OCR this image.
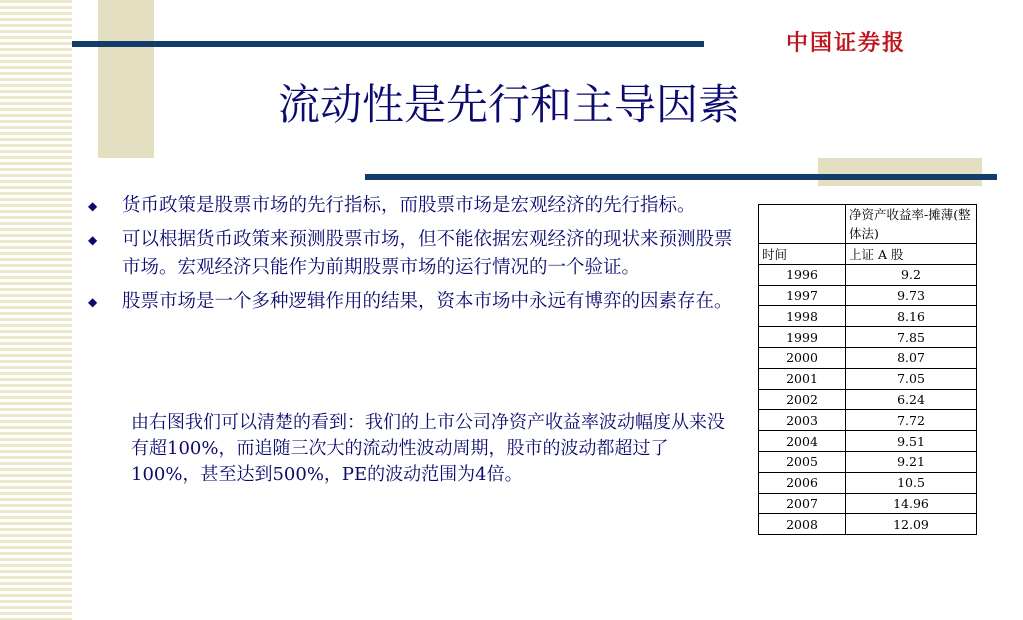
中国证券报
流动性是先行和主导因素
◆ 货币政策是股票市场的先行指标，而股票市场是宏观经济的先行指标。
◆ 可以根据货币政策来预测股票市场，但不能依据宏观经济的现状来预测股票市场。宏观经济只能作为前期股票市场的运行情况的一个验证。
◆ 股票市场是一个多种逻辑作用的结果，资本市场中永远有博弈的因素存在。
由右图我们可以清楚的看到：我们的上市公司净资产收益率波动幅度从来没有超100%，而追随三次大的流动性波动周期，股市的波动都超过了100%，甚至达到500%，PE的波动范围为4倍。
	净资产收益率-摊薄(整体法)
时间	上证 A 股
1996	9.2
1997	9.73
1998	8.16
1999	7.85
2000	8.07
2001	7.05
2002	6.24
2003	7.72
2004	9.51
2005	9.21
2006	10.5
2007	14.96
2008	12.09
